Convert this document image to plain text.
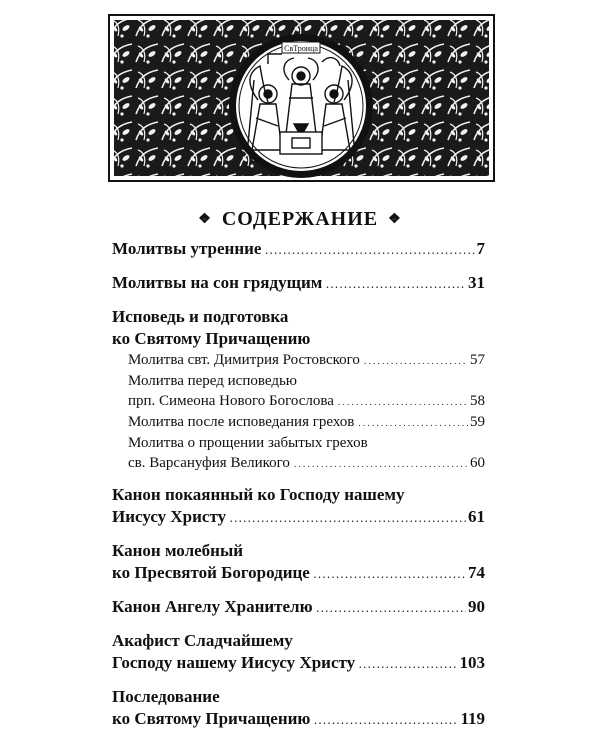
СвТроица
❖ СОДЕРЖАНИЕ ❖
Молитвы утренние . . .	7
Молитвы на сон грядущим . . .	31
Исповедь и подготовка
ко Святому Причащению
Молитва свт. Димитрия Ростовского . . .	57
Молитва перед исповедью
прп. Симеона Нового Богослова . . .	58
Молитва после исповедания грехов . . .	59
Молитва о прощении забытых грехов
св. Варсануфия Великого . . .	60
Канон покаянный ко Господу нашему
Иисусу Христу . . .	61
Канон молебный
ко Пресвятой Богородице . . .	74
Канон Ангелу Хранителю . . .	90
Акафист Сладчайшему
Господу нашему Иисусу Христу . . .	103
Последование
ко Святому Причащению . . .	119
